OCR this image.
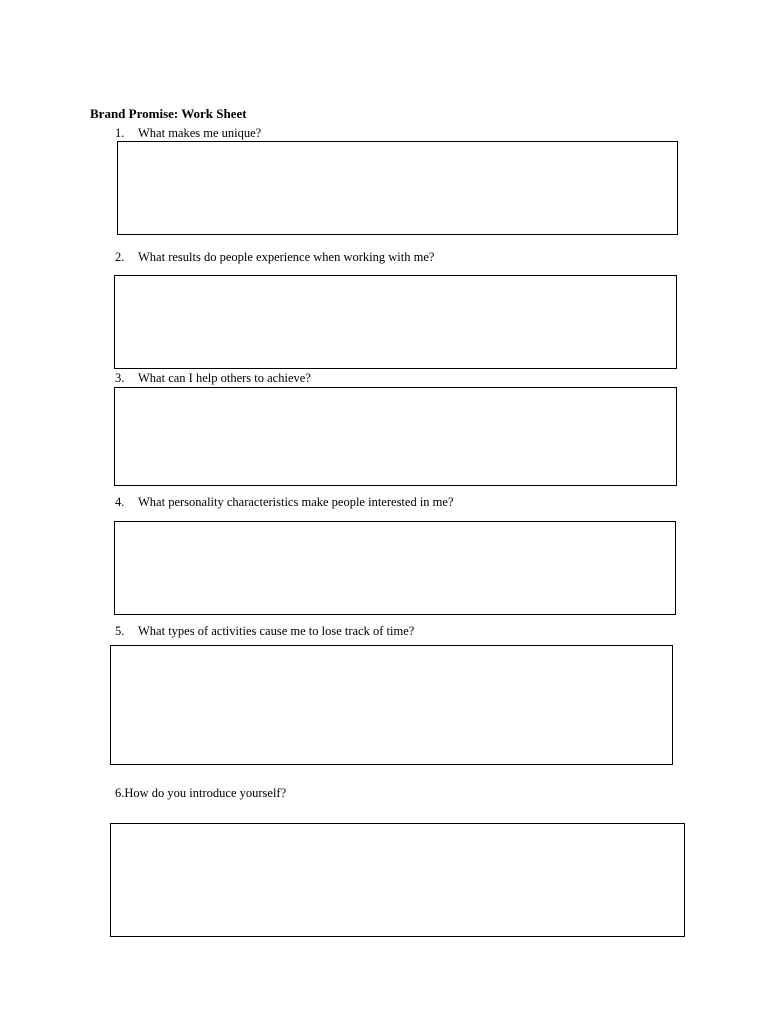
Brand Promise: Work Sheet
1. What makes me unique?
2. What results do people experience when working with me?
3. What can I help others to achieve?
4. What personality characteristics make people interested in me?
5. What types of activities cause me to lose track of time?
6.How do you introduce yourself?
